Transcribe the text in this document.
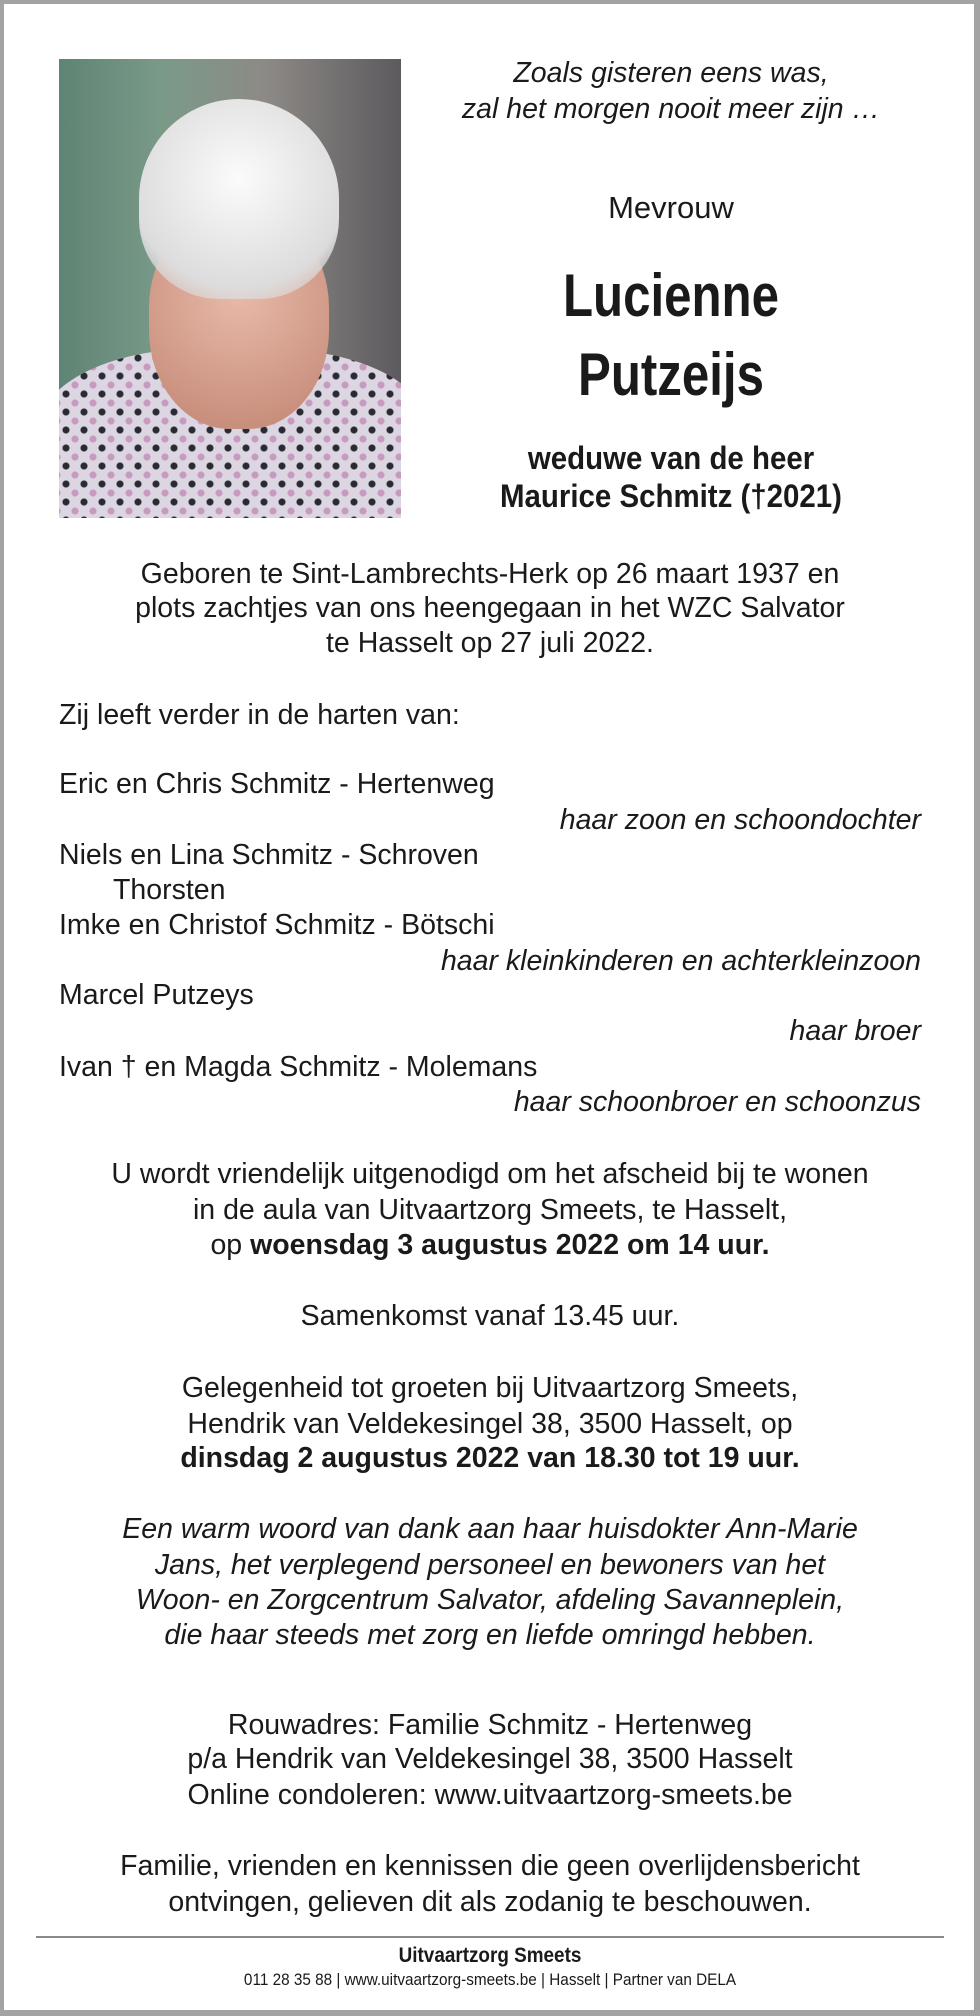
Zoals gisteren eens was,
zal het morgen nooit meer zijn …
Mevrouw
Lucienne
Putzeijs
weduwe van de heer
Maurice Schmitz (†2021)
Geboren te Sint-Lambrechts-Herk op 26 maart 1937 en
plots zachtjes van ons heengegaan in het WZC Salvator
te Hasselt op 27 juli 2022.
Zij leeft verder in de harten van:
Eric en Chris Schmitz - Hertenweg
haar zoon en schoondochter
Niels en Lina Schmitz - Schroven
Thorsten
Imke en Christof Schmitz - Bötschi
haar kleinkinderen en achterkleinzoon
Marcel Putzeys
haar broer
Ivan † en Magda Schmitz - Molemans
haar schoonbroer en schoonzus
U wordt vriendelijk uitgenodigd om het afscheid bij te wonen
in de aula van Uitvaartzorg Smeets, te Hasselt,
op woensdag 3 augustus 2022 om 14 uur.
Samenkomst vanaf 13.45 uur.
Gelegenheid tot groeten bij Uitvaartzorg Smeets,
Hendrik van Veldekesingel 38, 3500 Hasselt, op
dinsdag 2 augustus 2022 van 18.30 tot 19 uur.
Een warm woord van dank aan haar huisdokter Ann-Marie
Jans, het verplegend personeel en bewoners van het
Woon- en Zorgcentrum Salvator, afdeling Savanneplein,
die haar steeds met zorg en liefde omringd hebben.
Rouwadres: Familie Schmitz - Hertenweg
p/a Hendrik van Veldekesingel 38, 3500 Hasselt
Online condoleren: www.uitvaartzorg-smeets.be
Familie, vrienden en kennissen die geen overlijdensbericht
ontvingen, gelieven dit als zodanig te beschouwen.
Uitvaartzorg Smeets
011 28 35 88 | www.uitvaartzorg-smeets.be | Hasselt | Partner van DELA
